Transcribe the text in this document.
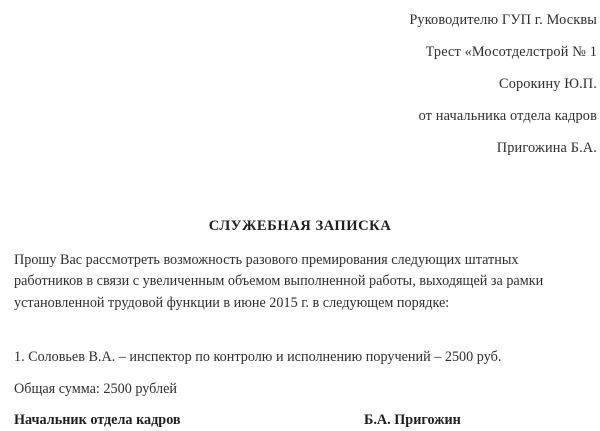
Руководителю ГУП г. Москвы
Трест «Мосотделстрой № 1
Сорокину Ю.П.
от начальника отдела кадров
Пригожина Б.А.
СЛУЖЕБНАЯ ЗАПИСКА
Прошу Вас рассмотреть возможность разового премирования следующих штатных работников в связи с увеличенным объемом выполненной работы, выходящей за рамки установленной трудовой функции в июне 2015 г. в следующем порядке:
1. Соловьев В.А. – инспектор по контролю и исполнению поручений – 2500 руб.
Общая сумма: 2500 рублей
Начальник отдела кадров	Б.А. Пригожин
